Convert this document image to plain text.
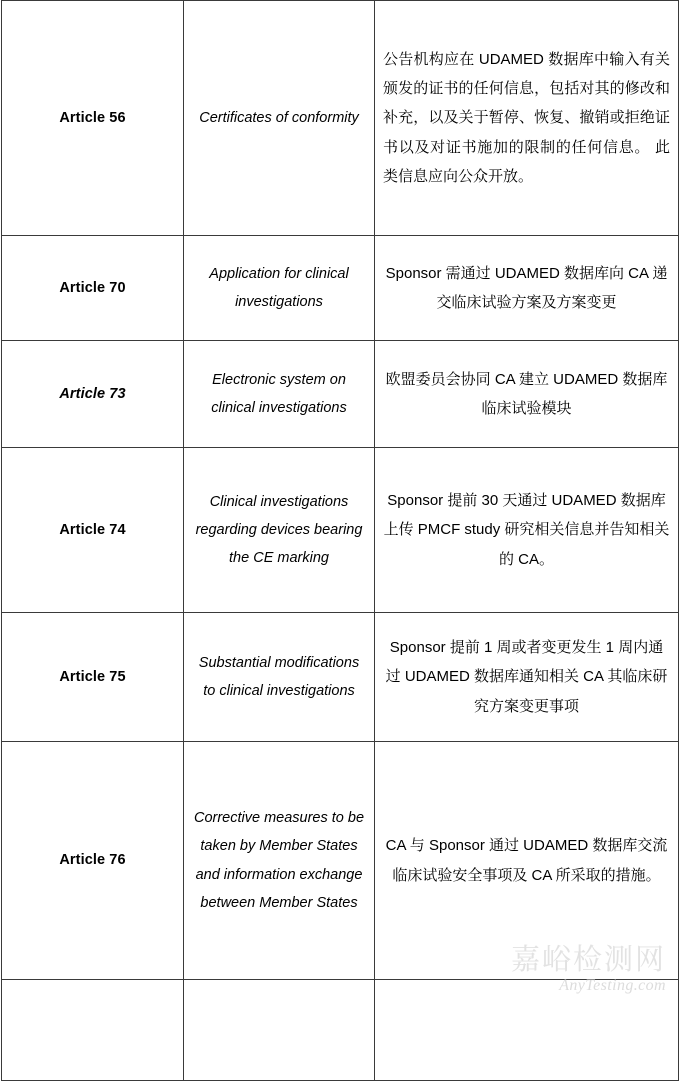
Article 56	Certificates of conformity	公告机构应在 UDAMED 数据库中输入有关颁发的证书的任何信息，包括对其的修改和补充，以及关于暂停、恢复、撤销或拒绝证书以及对证书施加的限制的任何信息。 此类信息应向公众开放。
Article 70	Application for clinical investigations	Sponsor 需通过 UDAMED 数据库向 CA 递交临床试验方案及方案变更
Article 73	Electronic system on clinical investigations	欧盟委员会协同 CA 建立 UDAMED 数据库临床试验模块
Article 74	Clinical investigations regarding devices bearing the CE marking	Sponsor 提前 30 天通过 UDAMED 数据库上传 PMCF study 研究相关信息并告知相关的 CA。
Article 75	Substantial modifications to clinical investigations	Sponsor 提前 1 周或者变更发生 1 周内通过 UDAMED 数据库通知相关 CA 其临床研究方案变更事项
Article 76	Corrective measures to be taken by Member States and information exchange between Member States	CA 与 Sponsor 通过 UDAMED 数据库交流临床试验安全事项及 CA 所采取的措施。

嘉峪检测网
AnyTesting.com
